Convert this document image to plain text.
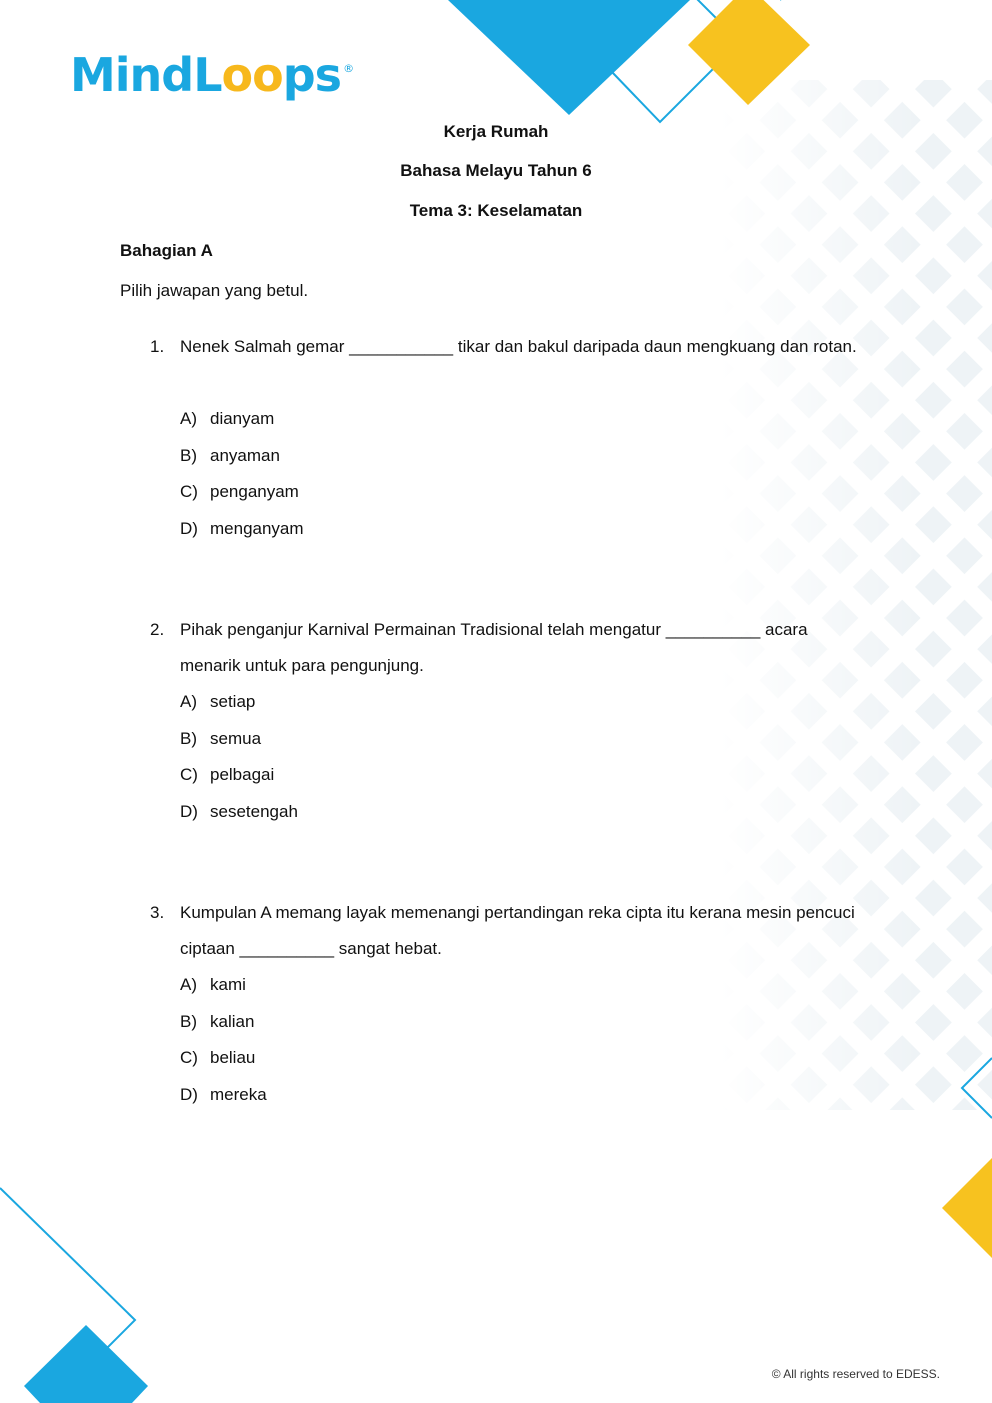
MindL oo ps ®
Kerja Rumah
Bahasa Melayu Tahun 6
Tema 3: Keselamatan
Bahagian A
Pilih jawapan yang betul.
1. Nenek Salmah gemar ___________ tikar dan bakul daripada daun mengkuang dan rotan.
A) dianyam
B) anyaman
C) penganyam
D) menganyam
2. Pihak penganjur Karnival Permainan Tradisional telah mengatur __________ acara menarik untuk para pengunjung.
A) setiap
B) semua
C) pelbagai
D) sesetengah
3. Kumpulan A memang layak memenangi pertandingan reka cipta itu kerana mesin pencuci ciptaan __________ sangat hebat.
A) kami
B) kalian
C) beliau
D) mereka
© All rights reserved to EDESS.
